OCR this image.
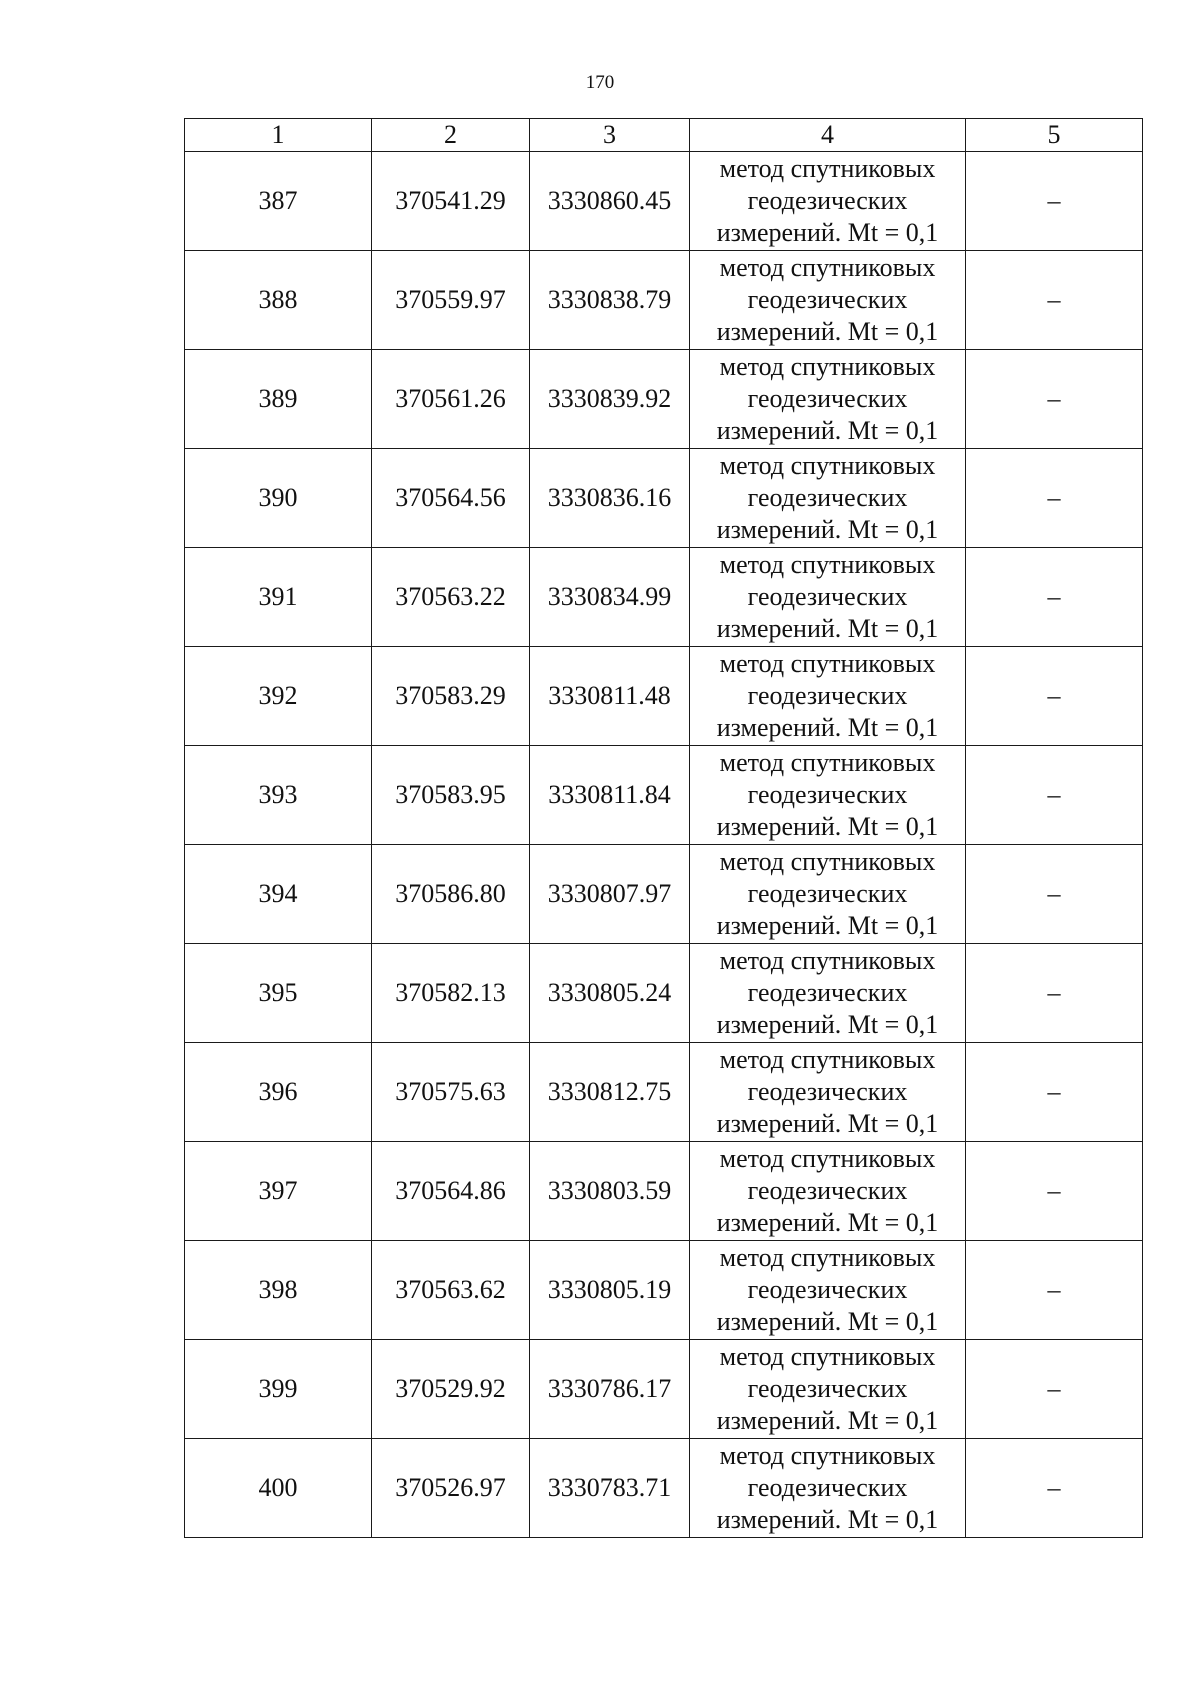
170
1	2	3	4	5
387	370541.29	3330860.45	метод спутниковых
геодезических
измерений. Mt = 0,1	–
388	370559.97	3330838.79	метод спутниковых
геодезических
измерений. Mt = 0,1	–
389	370561.26	3330839.92	метод спутниковых
геодезических
измерений. Mt = 0,1	–
390	370564.56	3330836.16	метод спутниковых
геодезических
измерений. Mt = 0,1	–
391	370563.22	3330834.99	метод спутниковых
геодезических
измерений. Mt = 0,1	–
392	370583.29	3330811.48	метод спутниковых
геодезических
измерений. Mt = 0,1	–
393	370583.95	3330811.84	метод спутниковых
геодезических
измерений. Mt = 0,1	–
394	370586.80	3330807.97	метод спутниковых
геодезических
измерений. Mt = 0,1	–
395	370582.13	3330805.24	метод спутниковых
геодезических
измерений. Mt = 0,1	–
396	370575.63	3330812.75	метод спутниковых
геодезических
измерений. Mt = 0,1	–
397	370564.86	3330803.59	метод спутниковых
геодезических
измерений. Mt = 0,1	–
398	370563.62	3330805.19	метод спутниковых
геодезических
измерений. Mt = 0,1	–
399	370529.92	3330786.17	метод спутниковых
геодезических
измерений. Mt = 0,1	–
400	370526.97	3330783.71	метод спутниковых
геодезических
измерений. Mt = 0,1	–
